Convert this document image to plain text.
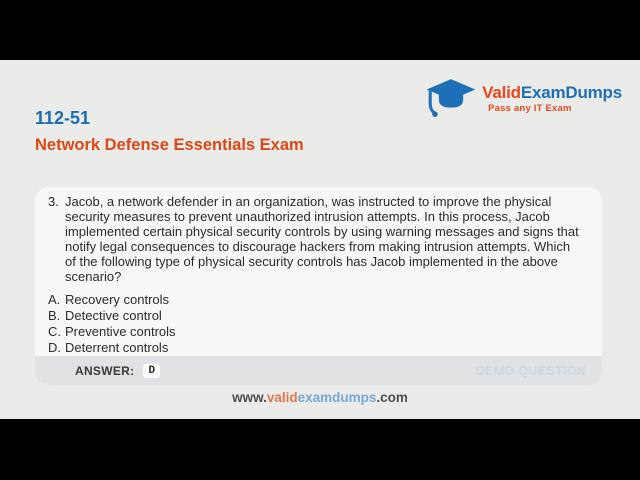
ValidExamDumps
Pass any IT Exam
112-51
Network Defense Essentials Exam
3. Jacob, a network defender in an organization, was instructed to improve the physical security measures to prevent unauthorized intrusion attempts. In this process, Jacob implemented certain physical security controls by using warning messages and signs that notify legal consequences to discourage hackers from making intrusion attempts. Which of the following type of physical security controls has Jacob implemented in the above scenario?
A. Recovery controls
B. Detective control
C. Preventive controls
D. Deterrent controls
ANSWER:	D	DEMO QUESTION
www.validexamdumps.com
